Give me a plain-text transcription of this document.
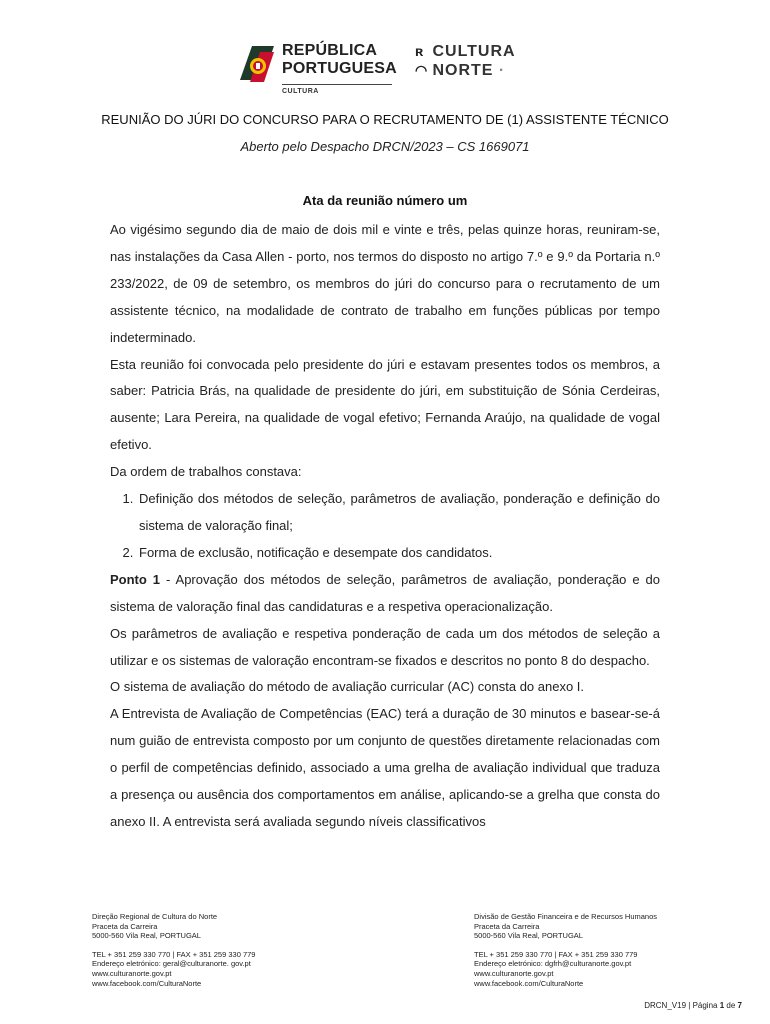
REPÚBLICA
PORTUGUESA
CULTURA
ʀ CULTURA
◠ NORTE ·
REUNIÃO DO JÚRI DO CONCURSO PARA O RECRUTAMENTO DE (1) ASSISTENTE TÉCNICO
Aberto pelo Despacho DRCN/2023 – CS 1669071
Ata da reunião número um

Ao vigésimo segundo dia de maio de dois mil e vinte e três, pelas quinze horas, reuniram-se, nas instalações da Casa Allen - porto, nos termos do disposto no artigo 7.º e 9.º da Portaria n.º 233/2022, de 09 de setembro, os membros do júri do concurso para o recrutamento de um assistente técnico, na modalidade de contrato de trabalho em funções públicas por tempo indeterminado.

Esta reunião foi convocada pelo presidente do júri e estavam presentes todos os membros, a saber: Patricia Brás, na qualidade de presidente do júri, em substituição de Sónia Cerdeiras, ausente; Lara Pereira, na qualidade de vogal efetivo; Fernanda Araújo, na qualidade de vogal efetivo.

Da ordem de trabalhos constava:

1. Definição dos métodos de seleção, parâmetros de avaliação, ponderação e definição do sistema de valoração final;
2. Forma de exclusão, notificação e desempate dos candidatos.

Ponto 1 - Aprovação dos métodos de seleção, parâmetros de avaliação, ponderação e do sistema de valoração final das candidaturas e a respetiva operacionalização.

Os parâmetros de avaliação e respetiva ponderação de cada um dos métodos de seleção a utilizar e os sistemas de valoração encontram-se fixados e descritos no ponto 8 do despacho.

O sistema de avaliação do método de avaliação curricular (AC) consta do anexo I.

A Entrevista de Avaliação de Competências (EAC) terá a duração de 30 minutos e basear-se-á num guião de entrevista composto por um conjunto de questões diretamente relacionadas com o perfil de competências definido, associado a uma grelha de avaliação individual que traduza a presença ou ausência dos comportamentos em análise, aplicando-se a grelha que consta do anexo II. A entrevista será avaliada segundo níveis classificativos

Direção Regional de Cultura do Norte
Praceta da Carreira
5000-560 Vila Real, PORTUGAL
TEL + 351 259 330 770 | FAX + 351 259 330 779
Endereço eletrónico: geral@culturanorte. gov.pt
www.culturanorte.gov.pt
www.facebook.com/CulturaNorte
Divisão de Gestão Financeira e de Recursos Humanos
Praceta da Carreira
5000-560 Vila Real, PORTUGAL
TEL + 351 259 330 770 | FAX + 351 259 330 779
Endereço eletrónico: dgfrh@culturanorte.gov.pt
www.culturanorte.gov.pt
www.facebook.com/CulturaNorte
DRCN_V19 | Página 1 de 7
